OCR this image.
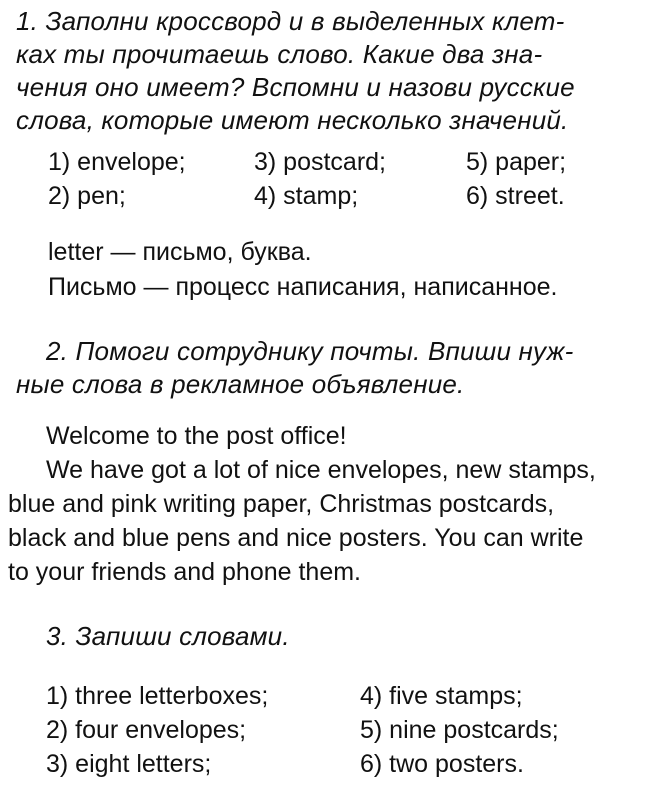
1. Заполни кроссворд и в выделенных клет-
ках ты прочитаешь слово. Какие два зна-
чения оно имеет? Вспомни и назови русские
слова, которые имеют несколько значений.
1) envelope;	3) postcard;	5) paper;
2) pen;	4) stamp;	6) street.
letter — письмо, буква.
Письмо — процесс написания, написанное.
2. Помоги сотруднику почты. Впиши нуж-
ные слова в рекламное объявление.
Welcome to the post office!
We have got a lot of nice envelopes, new stamps,
blue and pink writing paper, Christmas postcards,
black and blue pens and nice posters. You can write
to your friends and phone them.
3. Запиши словами.
1) three letterboxes;	4) five stamps;
2) four envelopes;	5) nine postcards;
3) eight letters;	6) two posters.
